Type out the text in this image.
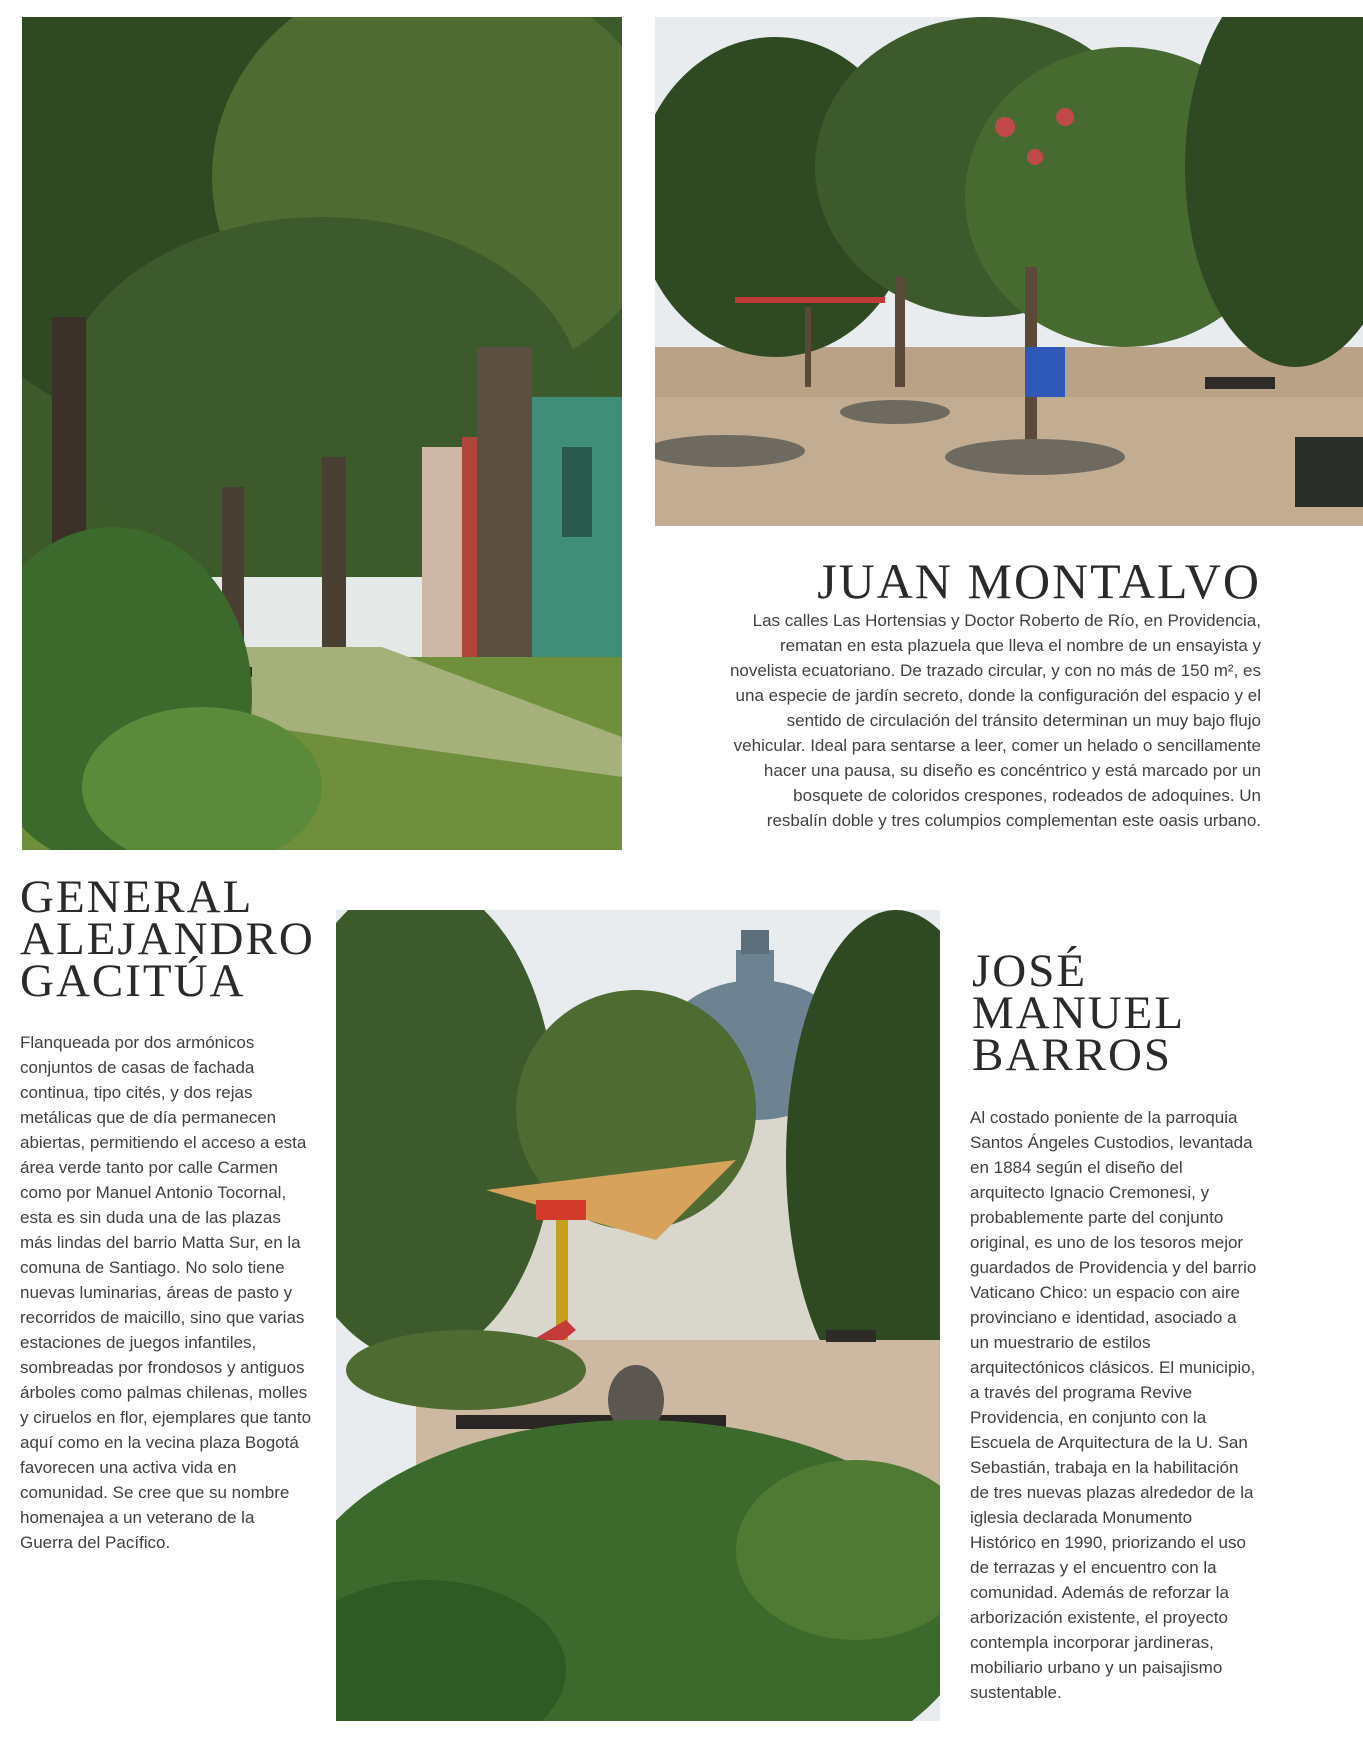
JUAN MONTALVO

Las calles Las Hortensias y Doctor Roberto de Río, en Providencia, rematan en esta plazuela que lleva el nombre de un ensayista y novelista ecuatoriano. De trazado circular, y con no más de 150 m², es una especie de jardín secreto, donde la configuración del espacio y el sentido de circulación del tránsito determinan un muy bajo flujo vehicular. Ideal para sentarse a leer, comer un helado o sencillamente hacer una pausa, su diseño es concéntrico y está marcado por un bosquete de coloridos crespones, rodeados de adoquines. Un resbalín doble y tres columpios complementan este oasis urbano.

GENERAL ALEJANDRO GACITÚA

Flanqueada por dos armónicos conjuntos de casas de fachada continua, tipo cités, y dos rejas metálicas que de día permanecen abiertas, permitiendo el acceso a esta área verde tanto por calle Carmen como por Manuel Antonio Tocornal, esta es sin duda una de las plazas más lindas del barrio Matta Sur, en la comuna de Santiago. No solo tiene nuevas luminarias, áreas de pasto y recorridos de maicillo, sino que varias estaciones de juegos infantiles, sombreadas por frondosos y antiguos árboles como palmas chilenas, molles y ciruelos en flor, ejemplares que tanto aquí como en la vecina plaza Bogotá favorecen una activa vida en comunidad. Se cree que su nombre homenajea a un veterano de la Guerra del Pacífico.

JOSÉ MANUEL BARROS

Al costado poniente de la parroquia Santos Ángeles Custodios, levantada en 1884 según el diseño del arquitecto Ignacio Cremonesi, y probablemente parte del conjunto original, es uno de los tesoros mejor guardados de Providencia y del barrio Vaticano Chico: un espacio con aire provinciano e identidad, asociado a un muestrario de estilos arquitectónicos clásicos. El municipio, a través del programa Revive Providencia, en conjunto con la Escuela de Arquitectura de la U. San Sebastián, trabaja en la habilitación de tres nuevas plazas alrededor de la iglesia declarada Monumento Histórico en 1990, priorizando el uso de terrazas y el encuentro con la comunidad. Además de reforzar la arborización existente, el proyecto contempla incorporar jardineras, mobiliario urbano y un paisajismo sustentable.
